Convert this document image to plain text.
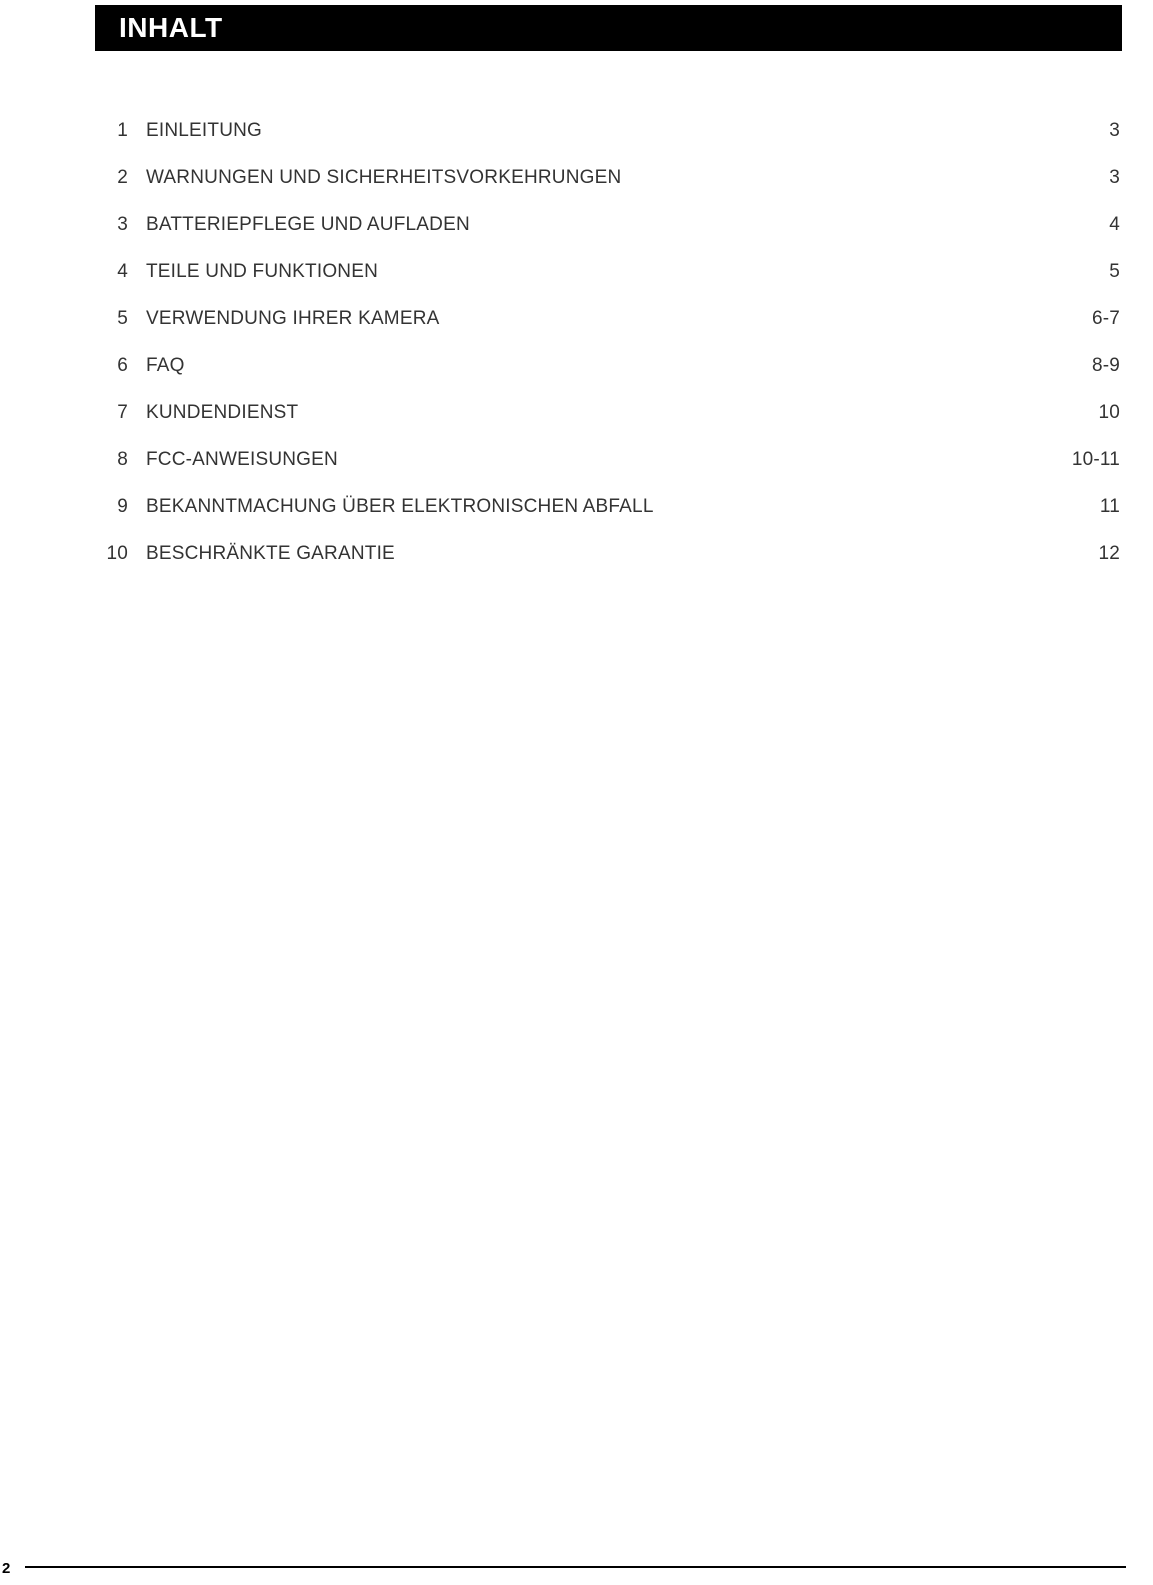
INHALT
1 EINLEITUNG	3
2 WARNUNGEN UND SICHERHEITSVORKEHRUNGEN	3
3 BATTERIEPFLEGE UND AUFLADEN	4
4 TEILE UND FUNKTIONEN	5
5 VERWENDUNG IHRER KAMERA	6-7
6 FAQ	8-9
7 KUNDENDIENST	10
8 FCC-ANWEISUNGEN	10-11
9 BEKANNTMACHUNG ÜBER ELEKTRONISCHEN ABFALL	11
10 BESCHRÄNKTE GARANTIE	12
2
